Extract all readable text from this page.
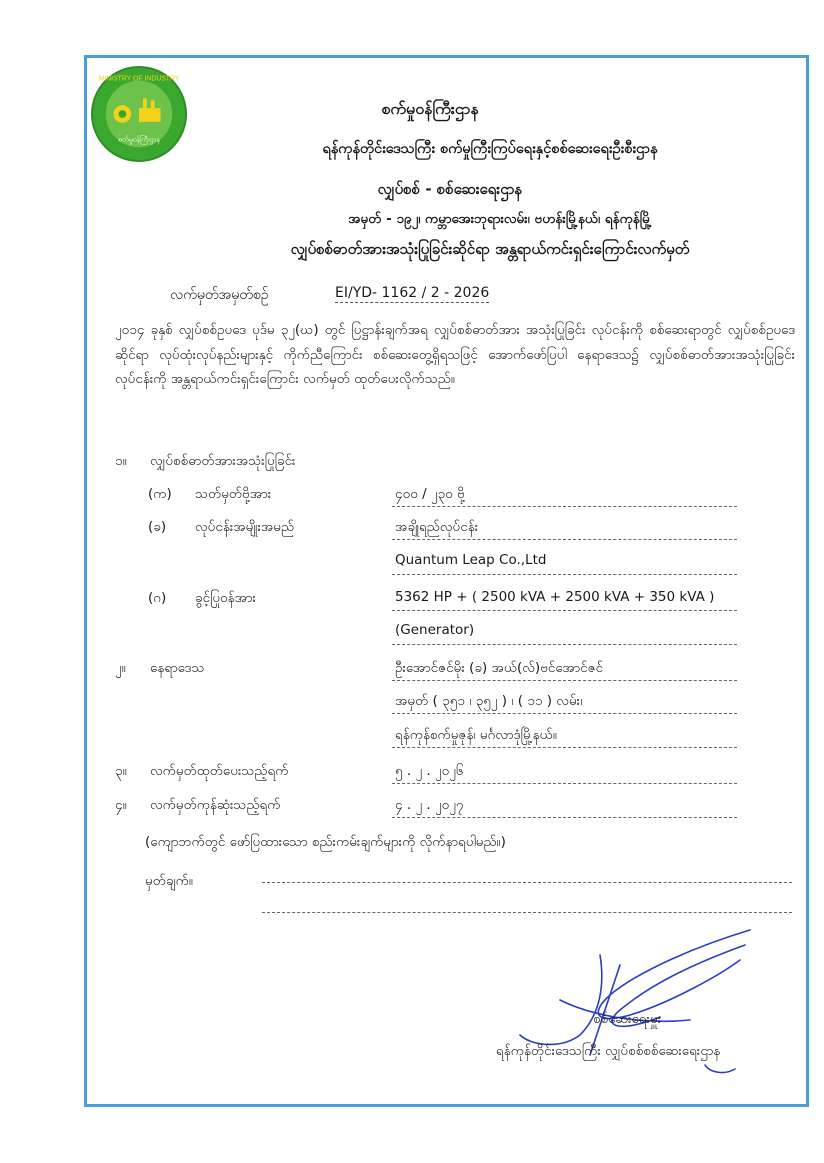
MINISTRY OF INDUSTRY
စက်မှုဝန်ကြီးဌာန
စက်မှုဝန်ကြီးဌာန
ရန်ကုန်တိုင်းဒေသကြီး စက်မှုကြီးကြပ်ရေးနှင့်စစ်ဆေးရေးဦးစီးဌာန
လျှပ်စစ် - စစ်ဆေးရေးဌာန
အမှတ် - ၁၉၂၊ ကမ္ဘာအေးဘုရားလမ်း၊ ဗဟန်းမြို့နယ်၊ ရန်ကုန်မြို့
လျှပ်စစ်ဓာတ်အားအသုံးပြုခြင်းဆိုင်ရာ အန္တရာယ်ကင်းရှင်းကြောင်းလက်မှတ်
လက်မှတ်အမှတ်စဉ်	EI/YD- 1162 / 2 - 2026
၂၀၁၄ ခုနှစ် လျှပ်စစ်ဥပဒေ ပုဒ်မ ၃၂(ဃ) တွင် ပြဋ္ဌာန်းချက်အရ လျှပ်စစ်ဓာတ်အား အသုံးပြုခြင်း လုပ်ငန်းကို စစ်ဆေးရာတွင် လျှပ်စစ်ဥပဒေဆိုင်ရာ လုပ်ထုံးလုပ်နည်းများနှင့် ကိုက်ညီကြောင်း စစ်ဆေးတွေ့ရှိရသဖြင့် အောက်ဖော်ပြပါ နေရာဒေသ၌ လျှပ်စစ်ဓာတ်အားအသုံးပြုခြင်း လုပ်ငန်းကို အန္တရာယ်ကင်းရှင်းကြောင်း လက်မှတ် ထုတ်ပေးလိုက်သည်။
၁။ လျှပ်စစ်ဓာတ်အားအသုံးပြုခြင်း
(က) သတ်မှတ်ဗို့အား	၄၀၀ / ၂၃၀ ဗို့
(ခ) လုပ်ငန်းအမျိုးအမည်	အချိုရည်လုပ်ငန်း
Quantum Leap Co.,Ltd
(ဂ) ခွင့်ပြုဝန်အား	5362 HP + ( 2500 kVA + 2500 kVA + 350 kVA )
(Generator)
၂။ နေရာဒေသ	ဦးအောင်ဇင်မိုး (ခ) အယ်(လ်)ဗင်အောင်ဇင်
အမှတ် ( ၃၅၁ ၊ ၃၅၂ ) ၊ ( ၁၁ ) လမ်း၊
ရန်ကုန်စက်မှုဇုန်၊ မင်္ဂလာဒုံမြို့နယ်။
၃။ လက်မှတ်ထုတ်ပေးသည့်ရက်	၅ . ၂ . ၂၀၂၆
၄။ လက်မှတ်ကုန်ဆုံးသည့်ရက်	၄ . ၂ . ၂၀၂၇
(ကျောဘက်တွင် ဖော်ပြထားသော စည်းကမ်းချက်များကို လိုက်နာရပါမည်။)
မှတ်ချက်။
စစ်ဆေးရေးမှူး
ရန်ကုန်တိုင်းဒေသကြီး လျှပ်စစ်စစ်ဆေးရေးဌာန
